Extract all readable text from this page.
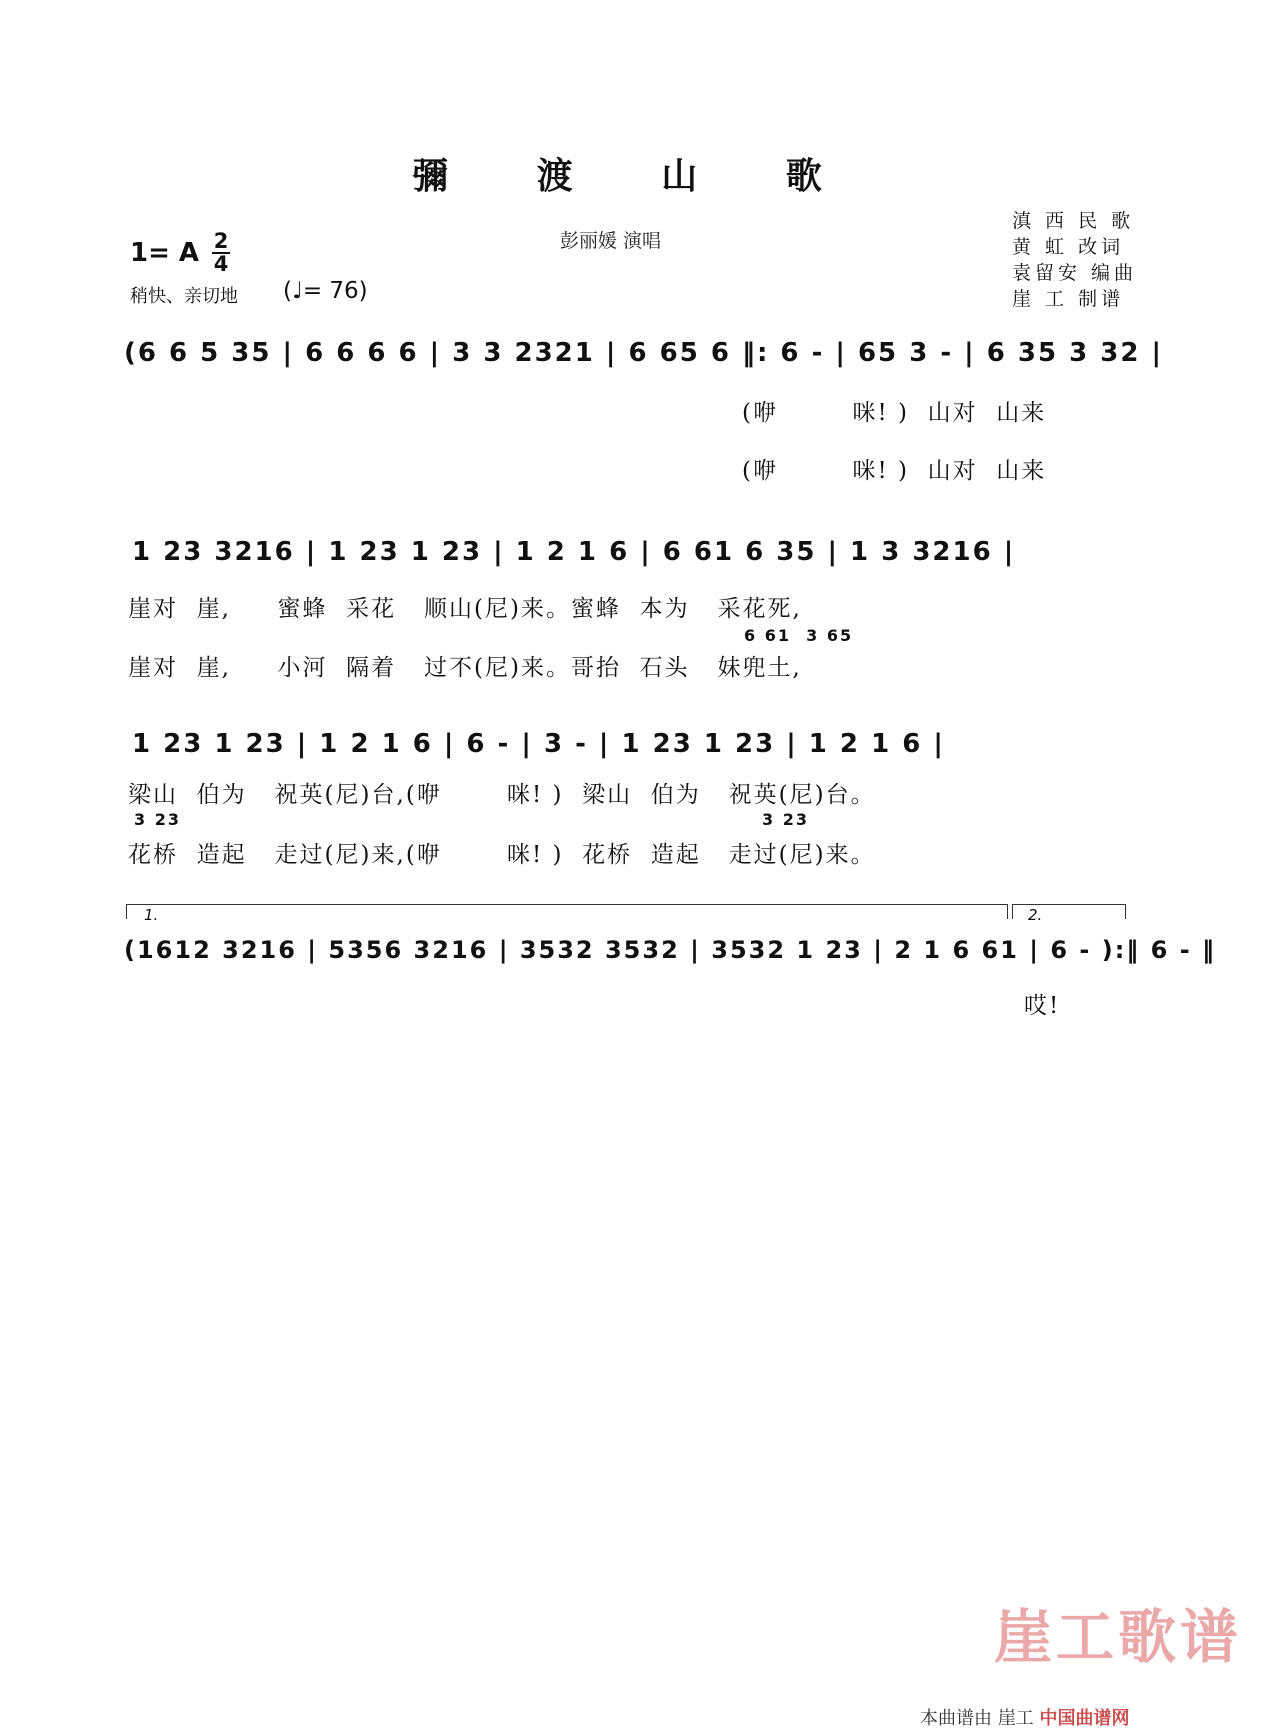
彌 渡 山 歌
彭丽媛 演唱
滇 西 民 歌
黄 虹 改词
袁留安 编曲
崖 工 制谱
1= A 2
4
稍快、亲切地 (♩= 76)
(6 6 5 35 | 6 6 6 6 | 3 3 2321 | 6 65 6 ‖: 6 - | 65 3 - | 6 35 3 32 |
(咿        咪! )  山对  山来
(咿        咪! )  山对  山来
1 23 3216 | 1 23 1 23 | 1 2 1 6 | 6 61 6 35 | 1 3 3216 |
崖对  崖,     蜜蜂  采花   顺山(尼)来。蜜蜂  本为   采花死,
6 61  3 65
崖对  崖,     小河  隔着   过不(尼)来。哥抬  石头   妹兜土,
1 23 1 23 | 1 2 1 6 | 6 - | 3 - | 1 23 1 23 | 1 2 1 6 |
梁山  伯为   祝英(尼)台,(咿       咪! )  梁山  伯为   祝英(尼)台。
3 23	3 23
花桥  造起   走过(尼)来,(咿       咪! )  花桥  造起   走过(尼)来。
1.	2.
(1612 3216 | 5356 3216 | 3532 3532 | 3532 1 23 | 2 1 6 61 | 6 - ):‖ 6 - ‖
哎!
崖工歌谱
本曲谱由 崖工 中国曲谱网
